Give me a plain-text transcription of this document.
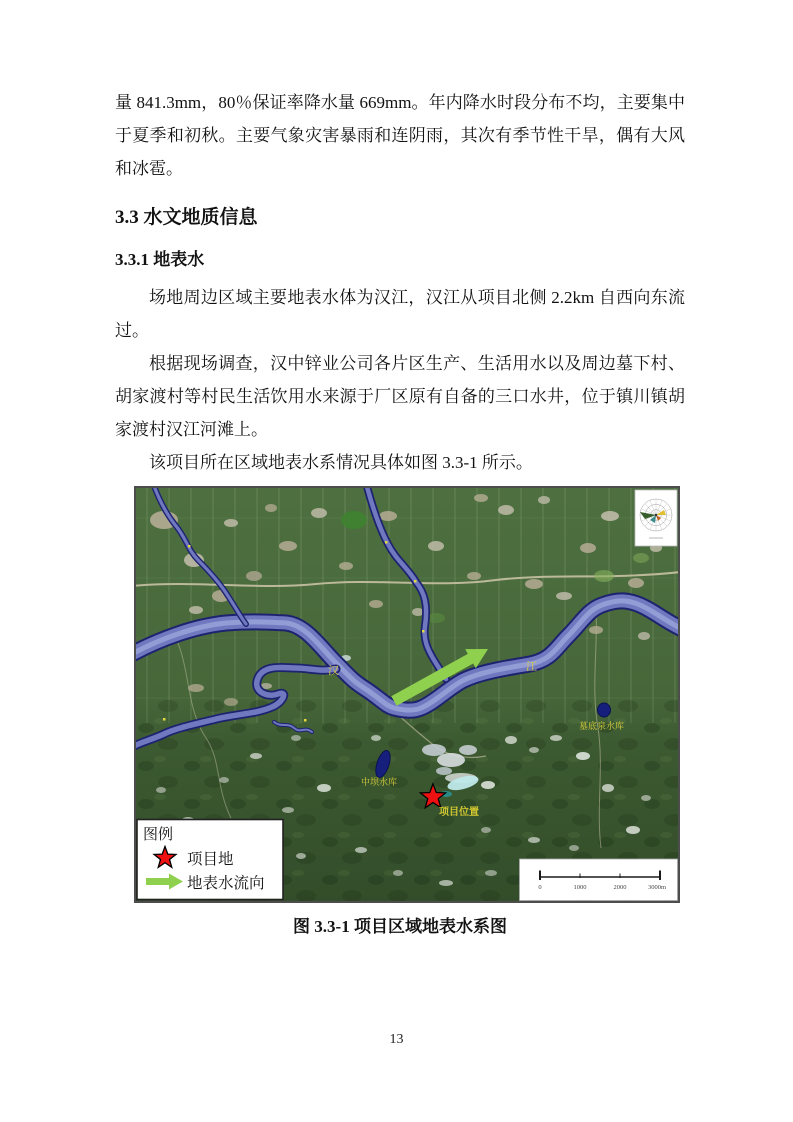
量 841.3mm，80％保证率降水量 669mm。年内降水时段分布不均，主要集中于夏季和初秋。主要气象灾害暴雨和连阴雨，其次有季节性干旱，偶有大风和冰雹。

3.3 水文地质信息
3.3.1 地表水

场地周边区域主要地表水体为汉江，汉江从项目北侧 2.2km 自西向东流过。

根据现场调查，汉中锌业公司各片区生产、生活用水以及周边墓下村、胡家渡村等村民生活饮用水来源于厂区原有自备的三口水井，位于镇川镇胡家渡村汉江河滩上。

该项目所在区域地表水系情况具体如图 3.3-1 所示。

汉	江
中坝水库
墓底泉水库
项目位置
0	1000	2000	3000m
图例
项目地
地表水流向

图 3.3-1 项目区域地表水系图

13
